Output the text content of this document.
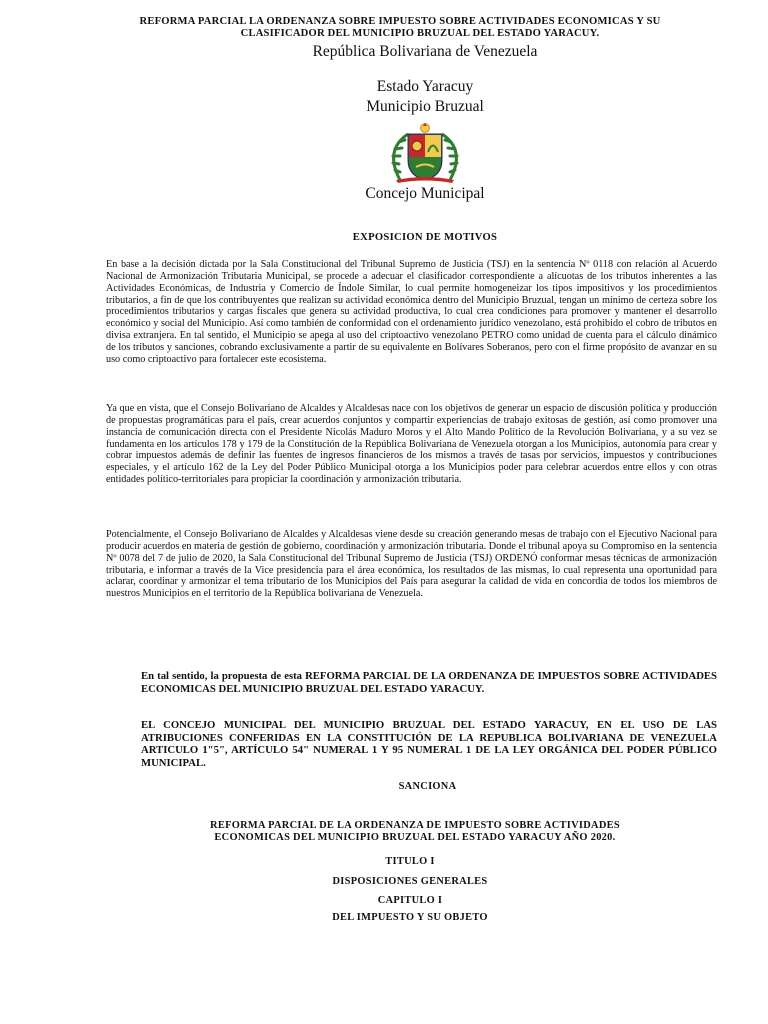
REFORMA PARCIAL LA ORDENANZA SOBRE IMPUESTO SOBRE ACTIVIDADES ECONOMICAS Y SU
CLASIFICADOR DEL MUNICIPIO BRUZUAL DEL ESTADO YARACUY.
República Bolivariana de Venezuela
Estado Yaracuy
Municipio Bruzual
Concejo Municipal
EXPOSICION DE MOTIVOS
En base a la decisión dictada por la Sala Constitucional del Tribunal Supremo de Justicia (TSJ) en la sentencia Nº 0118 con relación al Acuerdo Nacional de Armonización Tributaria Municipal, se procede a adecuar el clasificador correspondiente a alícuotas de los tributos inherentes a las Actividades Económicas, de Industria y Comercio de Índole Similar, lo cual permite homogeneizar los tipos impositivos y los procedimientos tributarios, a fin de que los contribuyentes que realizan su actividad económica dentro del Municipio Bruzual, tengan un mínimo de certeza sobre los procedimientos tributarios y cargas fiscales que genera su actividad productiva, lo cual crea condiciones para promover y mantener el desarrollo económico y social del Municipio. Así como también de conformidad con el ordenamiento jurídico venezolano, está prohibido el cobro de tributos en divisa extranjera. En tal sentido, el Municipio se apega al uso del criptoactivo venezolano PETRO como unidad de cuenta para el cálculo dinámico de los tributos y sanciones, cobrando exclusivamente a partir de su equivalente en Bolívares Soberanos, pero con el firme propósito de avanzar en su uso como criptoactivo para fortalecer este ecosistema.
Ya que en vista, que el Consejo Bolivariano de Alcaldes y Alcaldesas nace con los objetivos de generar un espacio de discusión política y producción de propuestas programáticas para el país, crear acuerdos conjuntos y compartir experiencias de trabajo exitosas de gestión, así como promover una instancia de comunicación directa con el Presidente Nicolás Maduro Moros y el Alto Mando Político de la Revolución Bolivariana, y a su vez se fundamenta en los artículos 178 y 179 de la Constitución de la República Bolivariana de Venezuela otorgan a los Municipios, autonomía para crear y cobrar impuestos además de definir las fuentes de ingresos financieros de los mismos a través de tasas por servicios, impuestos y contribuciones especiales, y el artículo 162 de la Ley del Poder Público Municipal otorga a los Municipios poder para celebrar acuerdos entre ellos y con otras entidades político-territoriales para propiciar la coordinación y armonización tributaria.
Potencialmente, el Consejo Bolivariano de Alcaldes y Alcaldesas viene desde su creación generando mesas de trabajo con el Ejecutivo Nacional para producir acuerdos en materia de gestión de gobierno, coordinación y armonización tributaria. Donde el tribunal apoya su Compromiso en la sentencia Nº 0078 del 7 de julio de 2020, la Sala Constitucional del Tribunal Supremo de Justicia (TSJ) ORDENÓ conformar mesas técnicas de armonización tributaria, e informar a través de la Vice presidencia para el área económica, los resultados de las mismas, lo cual representa una oportunidad para aclarar, coordinar y armonizar el tema tributario de los Municipios del País para asegurar la calidad de vida en concordia de todos los miembros de nuestros Municipios en el territorio de la República bolivariana de Venezuela.
En tal sentido, la propuesta de esta REFORMA PARCIAL DE LA ORDENANZA DE IMPUESTOS SOBRE ACTIVIDADES ECONOMICAS DEL MUNICIPIO BRUZUAL DEL ESTADO YARACUY.
EL CONCEJO MUNICIPAL DEL MUNICIPIO BRUZUAL DEL ESTADO YARACUY, EN EL USO DE LAS ATRIBUCIONES CONFERIDAS EN LA CONSTITUCIÓN DE LA REPUBLICA BOLIVARIANA DE VENEZUELA ARTICULO 1"5", ARTÍCULO 54" NUMERAL 1 Y 95 NUMERAL 1 DE LA LEY ORGÁNICA DEL PODER PÚBLICO MUNICIPAL.
SANCIONA
REFORMA PARCIAL DE LA ORDENANZA DE IMPUESTO SOBRE ACTIVIDADES
ECONOMICAS DEL MUNICIPIO BRUZUAL DEL ESTADO YARACUY AÑO 2020.
TITULO I
DISPOSICIONES GENERALES
CAPITULO I
DEL IMPUESTO Y SU OBJETO
